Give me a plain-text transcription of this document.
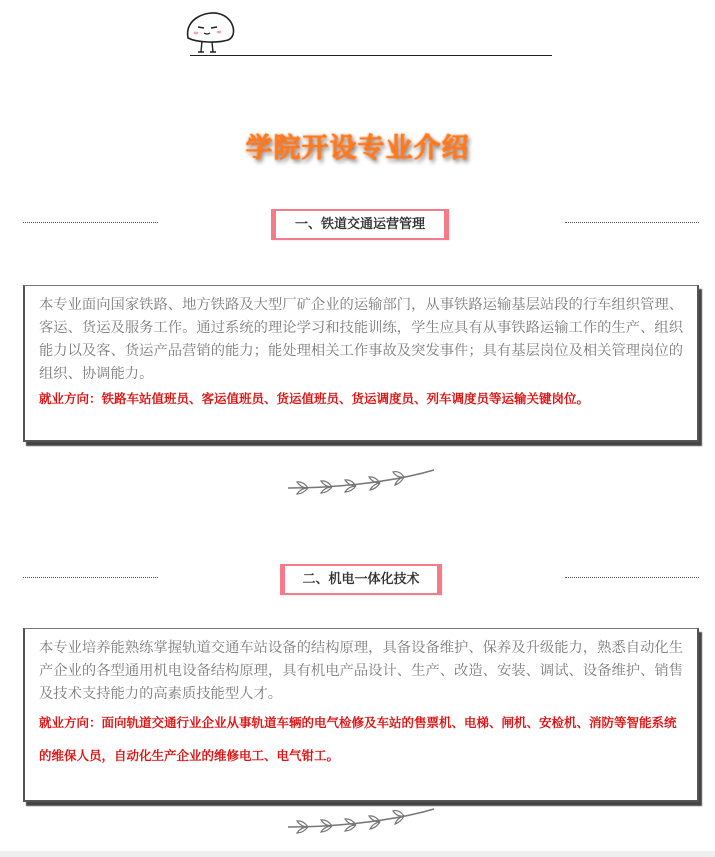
学院开设专业介绍
一、铁道交通运营管理

本专业面向国家铁路、地方铁路及大型厂矿企业的运输部门，从事铁路运输基层站段的行车组织管理、客运、货运及服务工作。通过系统的理论学习和技能训练，学生应具有从事铁路运输工作的生产、组织能力以及客、货运产品营销的能力；能处理相关工作事故及突发事件；具有基层岗位及相关管理岗位的组织、协调能力。

就业方向：铁路车站值班员、客运值班员、货运值班员、货运调度员、列车调度员等运输关键岗位。

二、机电一体化技术

本专业培养能熟练掌握轨道交通车站设备的结构原理，具备设备维护、保养及升级能力，熟悉自动化生产企业的各型通用机电设备结构原理，具有机电产品设计、生产、改造、安装、调试、设备维护、销售及技术支持能力的高素质技能型人才。

就业方向：面向轨道交通行业企业从事轨道车辆的电气检修及车站的售票机、电梯、闸机、安检机、消防等智能系统的维保人员，自动化生产企业的维修电工、电气钳工。
